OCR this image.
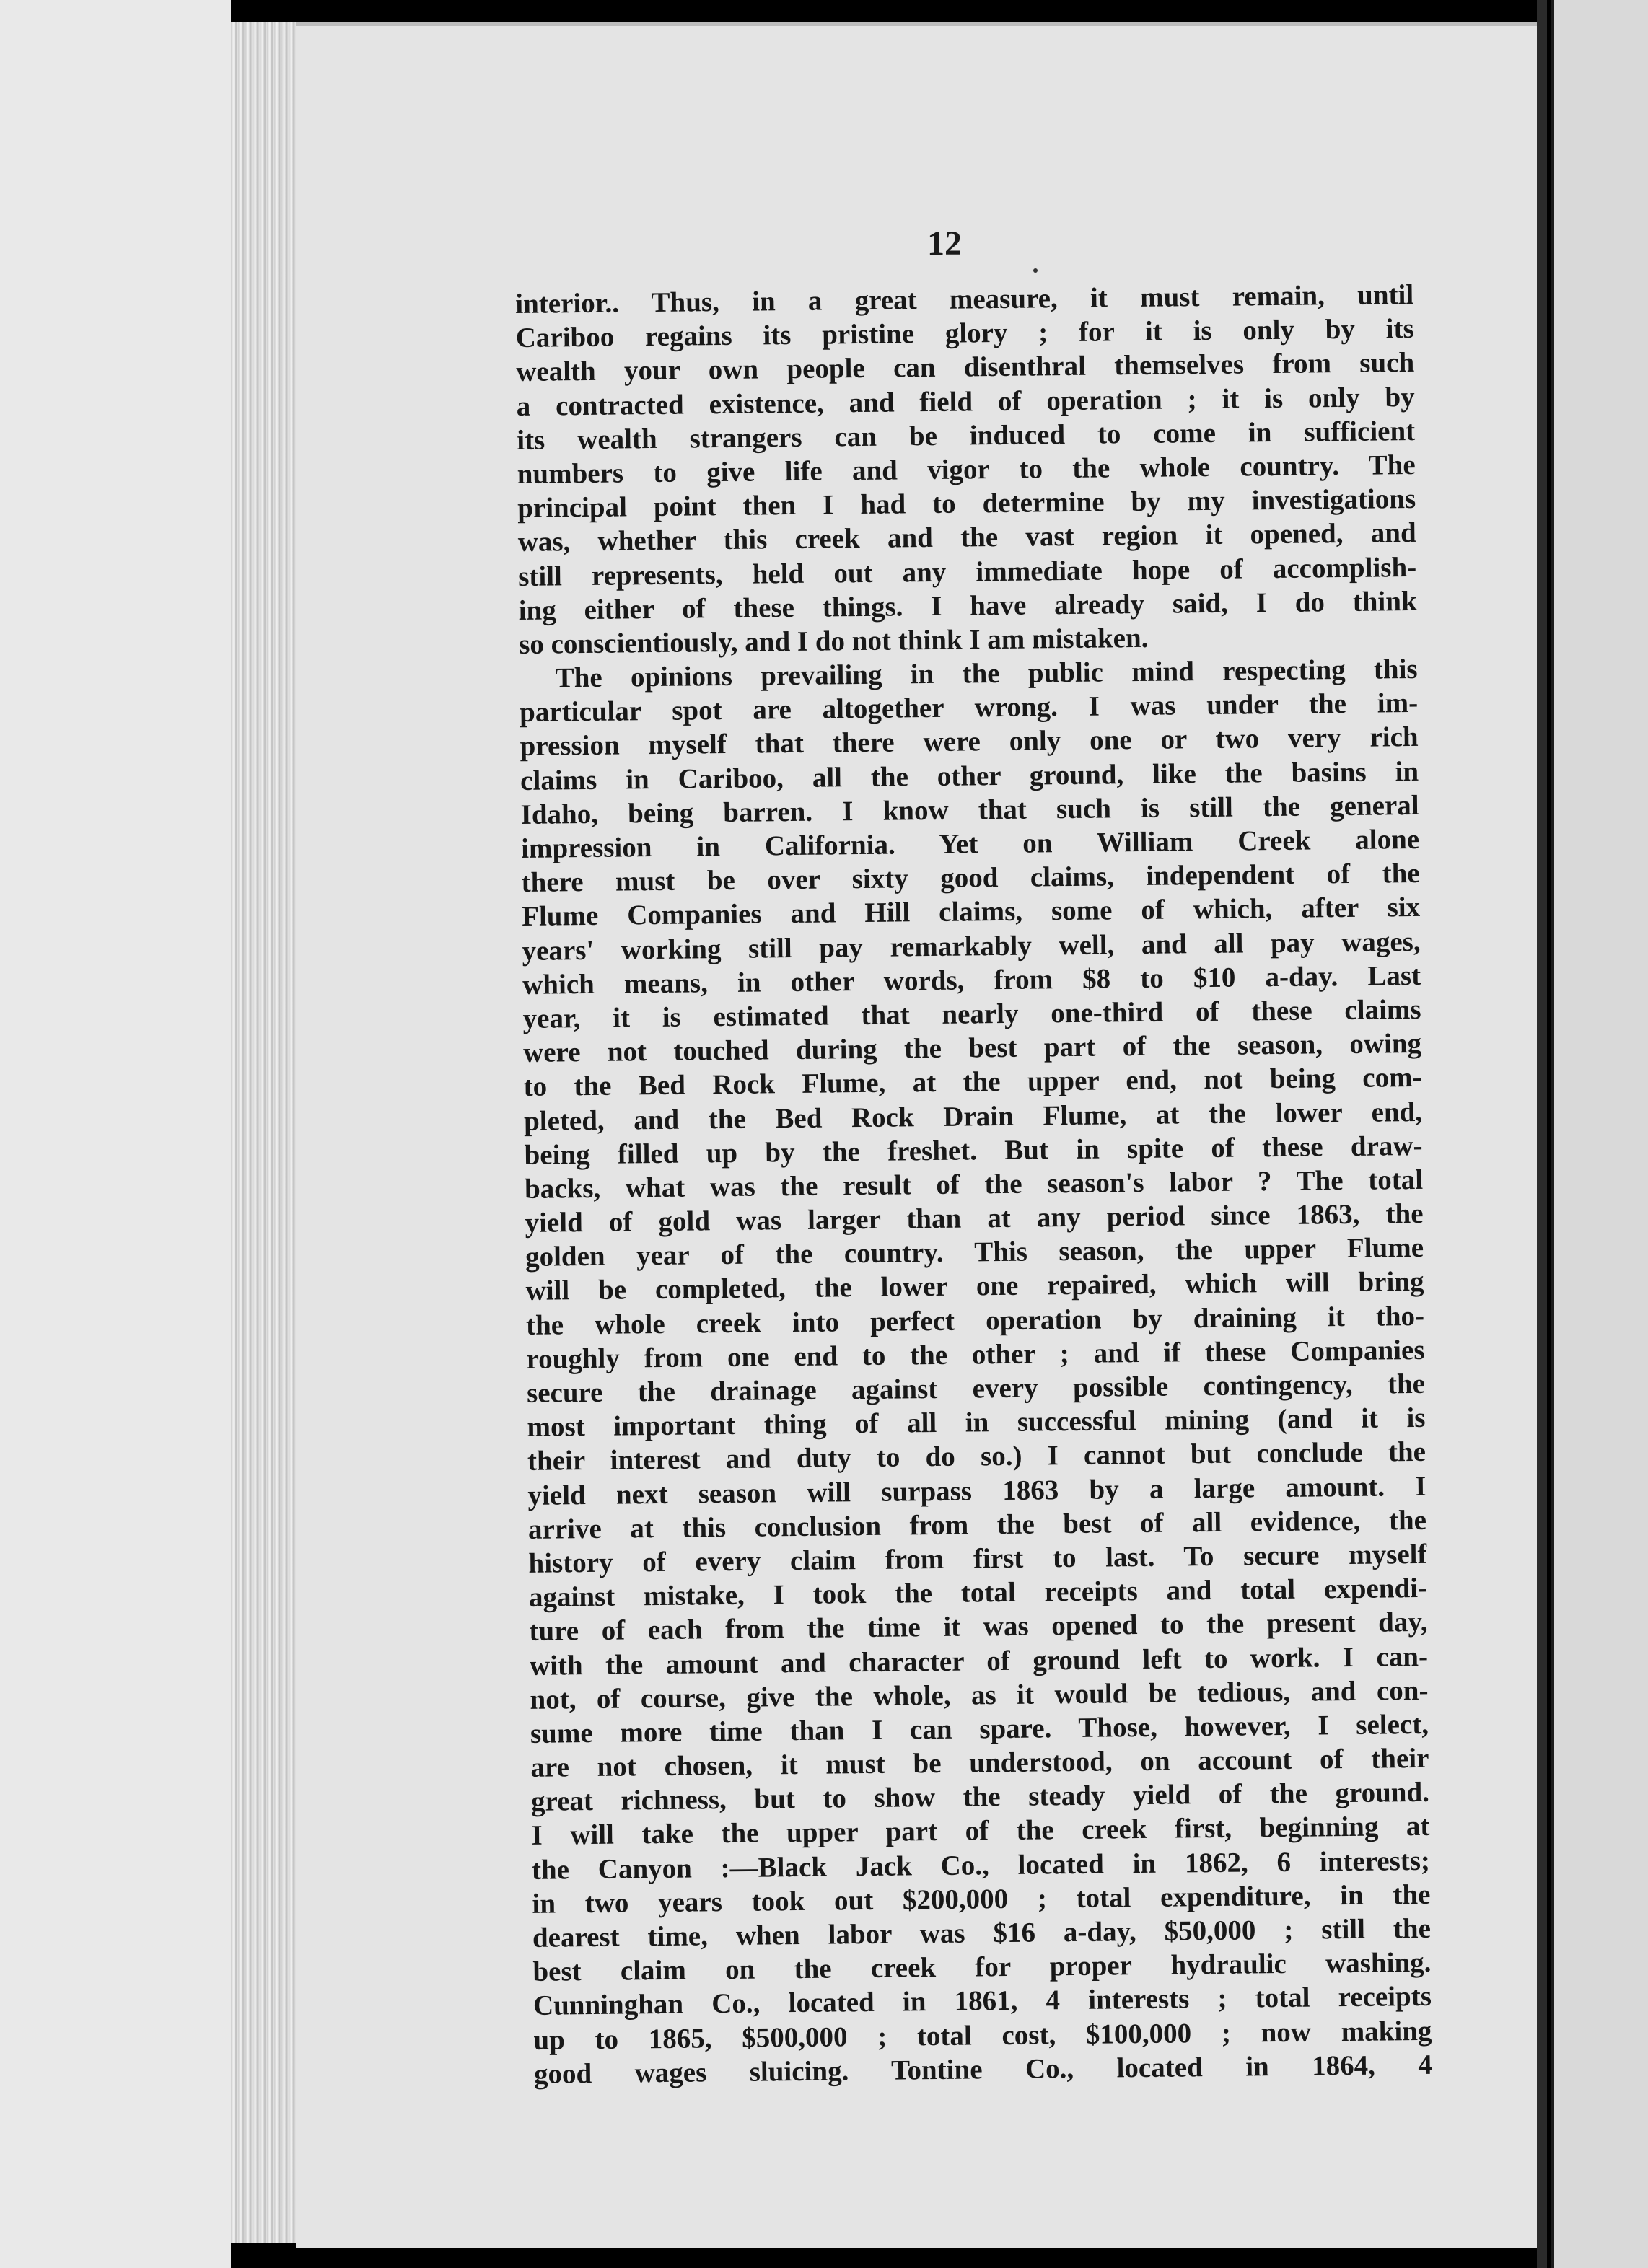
12
interior.. Thus, in a great measure, it must remain, until
Cariboo regains its pristine glory ; for it is only by its
wealth your own people can disenthral themselves from such
a contracted existence, and field of operation ; it is only by
its wealth strangers can be induced to come in sufficient
numbers to give life and vigor to the whole country. The
principal point then I had to determine by my investigations
was, whether this creek and the vast region it opened, and
still represents, held out any immediate hope of accomplish-
ing either of these things. I have already said, I do think
so conscientiously, and I do not think I am mistaken.
The opinions prevailing in the public mind respecting this
particular spot are altogether wrong. I was under the im-
pression myself that there were only one or two very rich
claims in Cariboo, all the other ground, like the basins in
Idaho, being barren. I know that such is still the general
impression in California. Yet on William Creek alone
there must be over sixty good claims, independent of the
Flume Companies and Hill claims, some of which, after six
years' working still pay remarkably well, and all pay wages,
which means, in other words, from $8 to $10 a-day. Last
year, it is estimated that nearly one-third of these claims
were not touched during the best part of the season, owing
to the Bed Rock Flume, at the upper end, not being com-
pleted, and the Bed Rock Drain Flume, at the lower end,
being filled up by the freshet. But in spite of these draw-
backs, what was the result of the season's labor ? The total
yield of gold was larger than at any period since 1863, the
golden year of the country. This season, the upper Flume
will be completed, the lower one repaired, which will bring
the whole creek into perfect operation by draining it tho-
roughly from one end to the other ; and if these Companies
secure the drainage against every possible contingency, the
most important thing of all in successful mining (and it is
their interest and duty to do so.) I cannot but conclude the
yield next season will surpass 1863 by a large amount. I
arrive at this conclusion from the best of all evidence, the
history of every claim from first to last. To secure myself
against mistake, I took the total receipts and total expendi-
ture of each from the time it was opened to the present day,
with the amount and character of ground left to work. I can-
not, of course, give the whole, as it would be tedious, and con-
sume more time than I can spare. Those, however, I select,
are not chosen, it must be understood, on account of their
great richness, but to show the steady yield of the ground.
I will take the upper part of the creek first, beginning at
the Canyon :—Black Jack Co., located in 1862, 6 interests;
in two years took out $200,000 ; total expenditure, in the
dearest time, when labor was $16 a-day, $50,000 ; still the
best claim on the creek for proper hydraulic washing.
Cunninghan Co., located in 1861, 4 interests ; total receipts
up to 1865, $500,000 ; total cost, $100,000 ; now making
good wages sluicing. Tontine Co., located in 1864, 4
